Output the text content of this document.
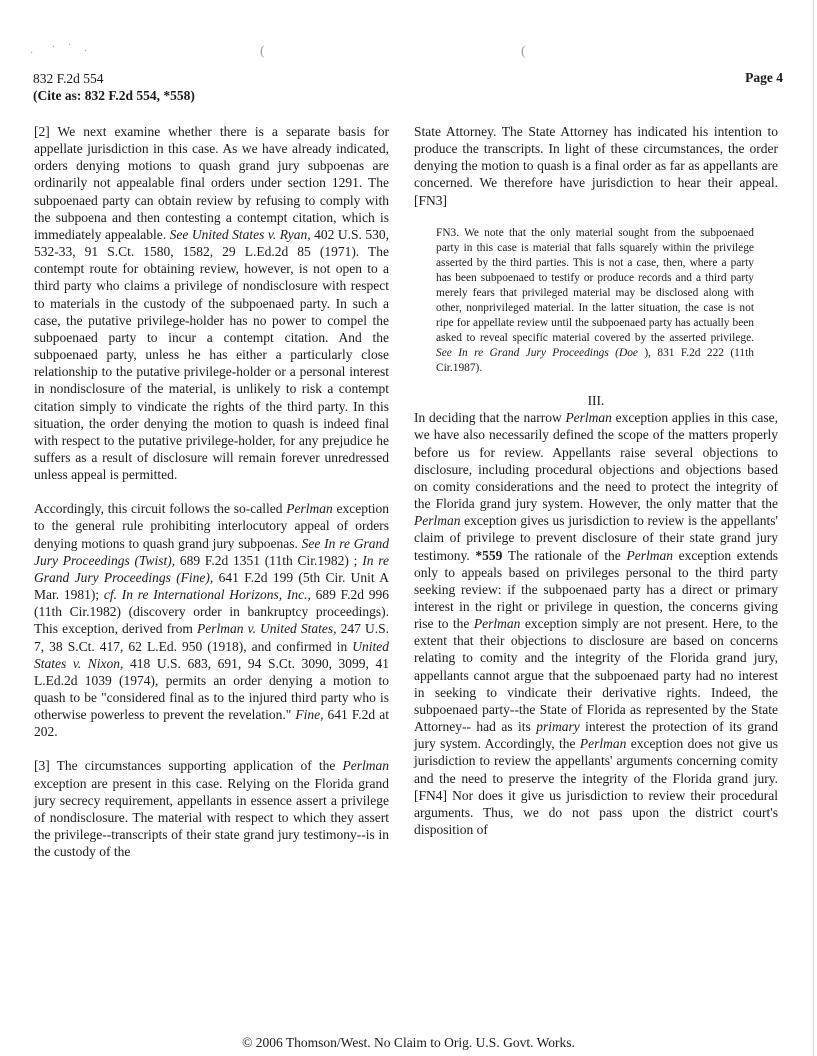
·
· ·
·	(	(
832 F.2d 554
(Cite as: 832 F.2d 554, *558)
Page 4

[2] We next examine whether there is a separate basis for appellate jurisdiction in this case. As we have already indicated, orders denying motions to quash grand jury subpoenas are ordinarily not appealable final orders under section 1291. The subpoenaed party can obtain review by refusing to comply with the subpoena and then contesting a contempt citation, which is immediately appealable. See United States v. Ryan, 402 U.S. 530, 532-33, 91 S.Ct. 1580, 1582, 29 L.Ed.2d 85 (1971). The contempt route for obtaining review, however, is not open to a third party who claims a privilege of nondisclosure with respect to materials in the custody of the subpoenaed party. In such a case, the putative privilege-holder has no power to compel the subpoenaed party to incur a contempt citation. And the subpoenaed party, unless he has either a particularly close relationship to the putative privilege-holder or a personal interest in nondisclosure of the material, is unlikely to risk a contempt citation simply to vindicate the rights of the third party. In this situation, the order denying the motion to quash is indeed final with respect to the putative privilege-holder, for any prejudice he suffers as a result of disclosure will remain forever unredressed unless appeal is permitted.

Accordingly, this circuit follows the so-called Perlman exception to the general rule prohibiting interlocutory appeal of orders denying motions to quash grand jury subpoenas. See In re Grand Jury Proceedings (Twist), 689 F.2d 1351 (11th Cir.1982) ; In re Grand Jury Proceedings (Fine), 641 F.2d 199 (5th Cir. Unit A Mar. 1981); cf. In re International Horizons, Inc., 689 F.2d 996 (11th Cir.1982) (discovery order in bankruptcy proceedings). This exception, derived from Perlman v. United States, 247 U.S. 7, 38 S.Ct. 417, 62 L.Ed. 950 (1918), and confirmed in United States v. Nixon, 418 U.S. 683, 691, 94 S.Ct. 3090, 3099, 41 L.Ed.2d 1039 (1974), permits an order denying a motion to quash to be "considered final as to the injured third party who is otherwise powerless to prevent the revelation." Fine, 641 F.2d at 202.

[3] The circumstances supporting application of the Perlman exception are present in this case. Relying on the Florida grand jury secrecy requirement, appellants in essence assert a privilege of nondisclosure. The material with respect to which they assert the privilege--transcripts of their state grand jury testimony--is in the custody of the

State Attorney. The State Attorney has indicated his intention to produce the transcripts. In light of these circumstances, the order denying the motion to quash is a final order as far as appellants are concerned. We therefore have jurisdiction to hear their appeal. [FN3]

FN3. We note that the only material sought from the subpoenaed party in this case is material that falls squarely within the privilege asserted by the third parties. This is not a case, then, where a party has been subpoenaed to testify or produce records and a third party merely fears that privileged material may be disclosed along with other, nonprivileged material. In the latter situation, the case is not ripe for appellate review until the subpoenaed party has actually been asked to reveal specific material covered by the asserted privilege. See In re Grand Jury Proceedings (Doe ), 831 F.2d 222 (11th Cir.1987).

III.

In deciding that the narrow Perlman exception applies in this case, we have also necessarily defined the scope of the matters properly before us for review. Appellants raise several objections to disclosure, including procedural objections and objections based on comity considerations and the need to protect the integrity of the Florida grand jury system. However, the only matter that the Perlman exception gives us jurisdiction to review is the appellants' claim of privilege to prevent disclosure of their state grand jury testimony. *559 The rationale of the Perlman exception extends only to appeals based on privileges personal to the third party seeking review: if the subpoenaed party has a direct or primary interest in the right or privilege in question, the concerns giving rise to the Perlman exception simply are not present. Here, to the extent that their objections to disclosure are based on concerns relating to comity and the integrity of the Florida grand jury, appellants cannot argue that the subpoenaed party had no interest in seeking to vindicate their derivative rights. Indeed, the subpoenaed party--the State of Florida as represented by the State Attorney-- had as its primary interest the protection of its grand jury system. Accordingly, the Perlman exception does not give us jurisdiction to review the appellants' arguments concerning comity and the need to preserve the integrity of the Florida grand jury. [FN4] Nor does it give us jurisdiction to review their procedural arguments. Thus, we do not pass upon the district court's disposition of

© 2006 Thomson/West. No Claim to Orig. U.S. Govt. Works.
